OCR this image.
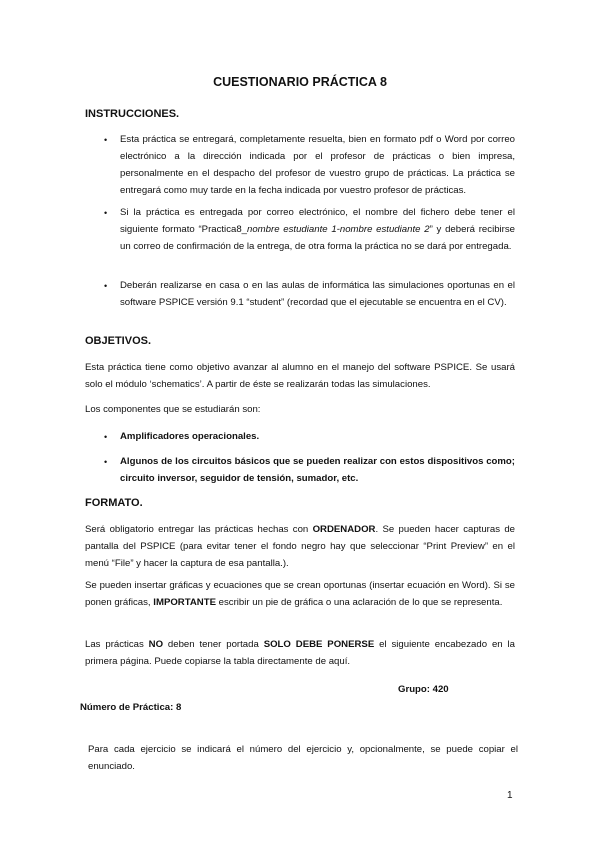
CUESTIONARIO PRÁCTICA 8
INSTRUCCIONES.
• Esta práctica se entregará, completamente resuelta, bien en formato pdf o Word por correo electrónico a la dirección indicada por el profesor de prácticas o bien impresa, personalmente en el despacho del profesor de vuestro grupo de prácticas. La práctica se entregará como muy tarde en la fecha indicada por vuestro profesor de prácticas.
• Si la práctica es entregada por correo electrónico, el nombre del fichero debe tener el siguiente formato “Practica8_nombre estudiante 1-nombre estudiante 2” y deberá recibirse un correo de confirmación de la entrega, de otra forma la práctica no se dará por entregada.
• Deberán realizarse en casa o en las aulas de informática las simulaciones oportunas en el software PSPICE versión 9.1 “student” (recordad que el ejecutable se encuentra en el CV).
OBJETIVOS.
Esta práctica tiene como objetivo avanzar al alumno en el manejo del software PSPICE. Se usará solo el módulo ‘schematics’. A partir de éste se realizarán todas las simulaciones.
Los componentes que se estudiarán son:
• Amplificadores operacionales.
• Algunos de los circuitos básicos que se pueden realizar con estos dispositivos como; circuito inversor, seguidor de tensión, sumador, etc.
FORMATO.
Será obligatorio entregar las prácticas hechas con ORDENADOR. Se pueden hacer capturas de pantalla del PSPICE (para evitar tener el fondo negro hay que seleccionar “Print Preview” en el menú “File” y hacer la captura de esa pantalla.).
Se pueden insertar gráficas y ecuaciones que se crean oportunas (insertar ecuación en Word). Si se ponen gráficas, IMPORTANTE escribir un pie de gráfica o una aclaración de lo que se representa.
Las prácticas NO deben tener portada SOLO DEBE PONERSE el siguiente encabezado en la primera página. Puede copiarse la tabla directamente de aquí.
Grupo: 420
Número de Práctica: 8
Para cada ejercicio se indicará el número del ejercicio y, opcionalmente, se puede copiar el enunciado.
1
